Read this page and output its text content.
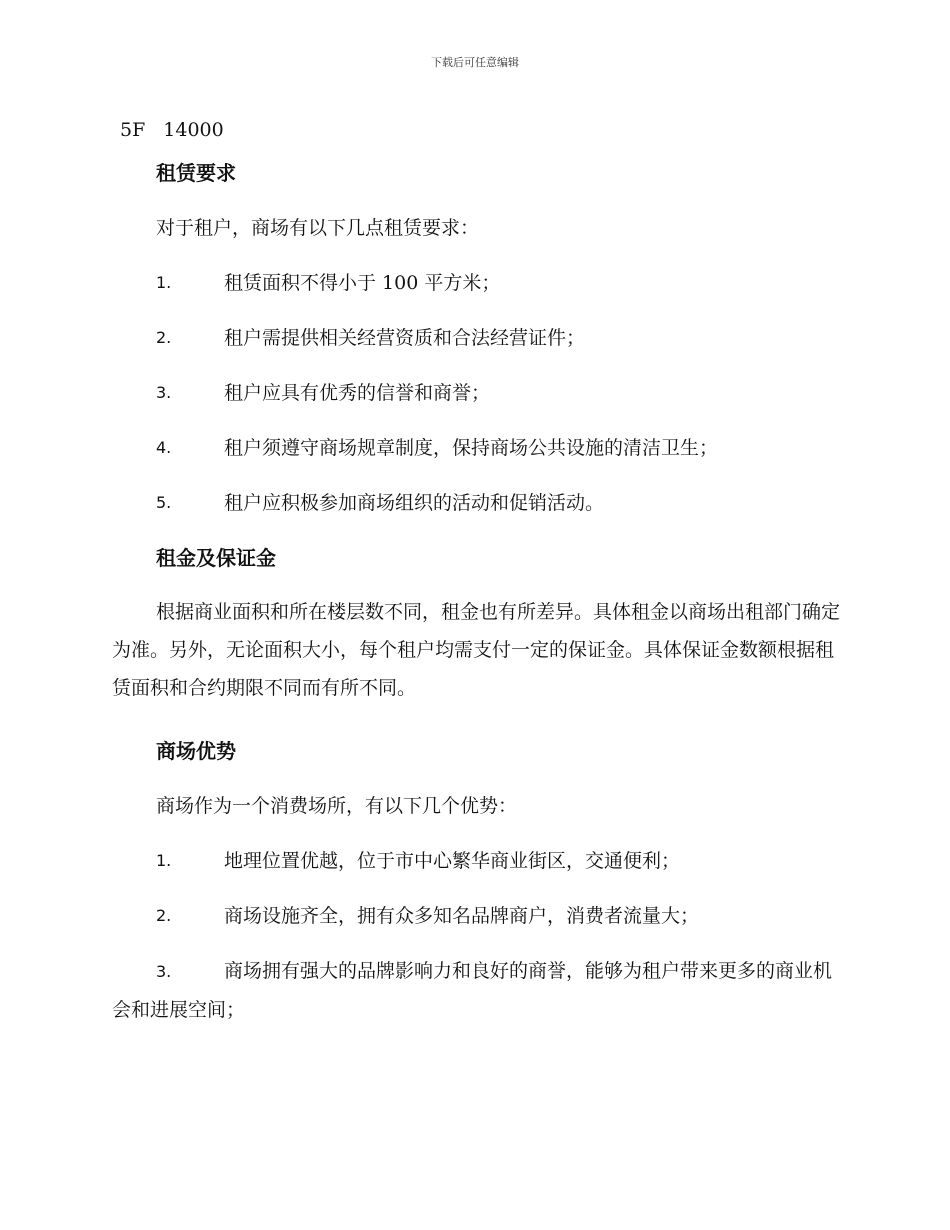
下载后可任意编辑
5F 14000
租赁要求
对于租户，商场有以下几点租赁要求：
1.	租赁面积不得小于 100 平方米；
2.	租户需提供相关经营资质和合法经营证件；
3.	租户应具有优秀的信誉和商誉；
4.	租户须遵守商场规章制度，保持商场公共设施的清洁卫生；
5.	租户应积极参加商场组织的活动和促销活动。
租金及保证金
根据商业面积和所在楼层数不同，租金也有所差异。具体租金以商场出租部门确定为准。另外，无论面积大小，每个租户均需支付一定的保证金。具体保证金数额根据租赁面积和合约期限不同而有所不同。
商场优势
商场作为一个消费场所，有以下几个优势：
1.	地理位置优越，位于市中心繁华商业街区，交通便利；
2.	商场设施齐全，拥有众多知名品牌商户，消费者流量大；
3.	商场拥有强大的品牌影响力和良好的商誉，能够为租户带来更多的商业机会和进展空间；
